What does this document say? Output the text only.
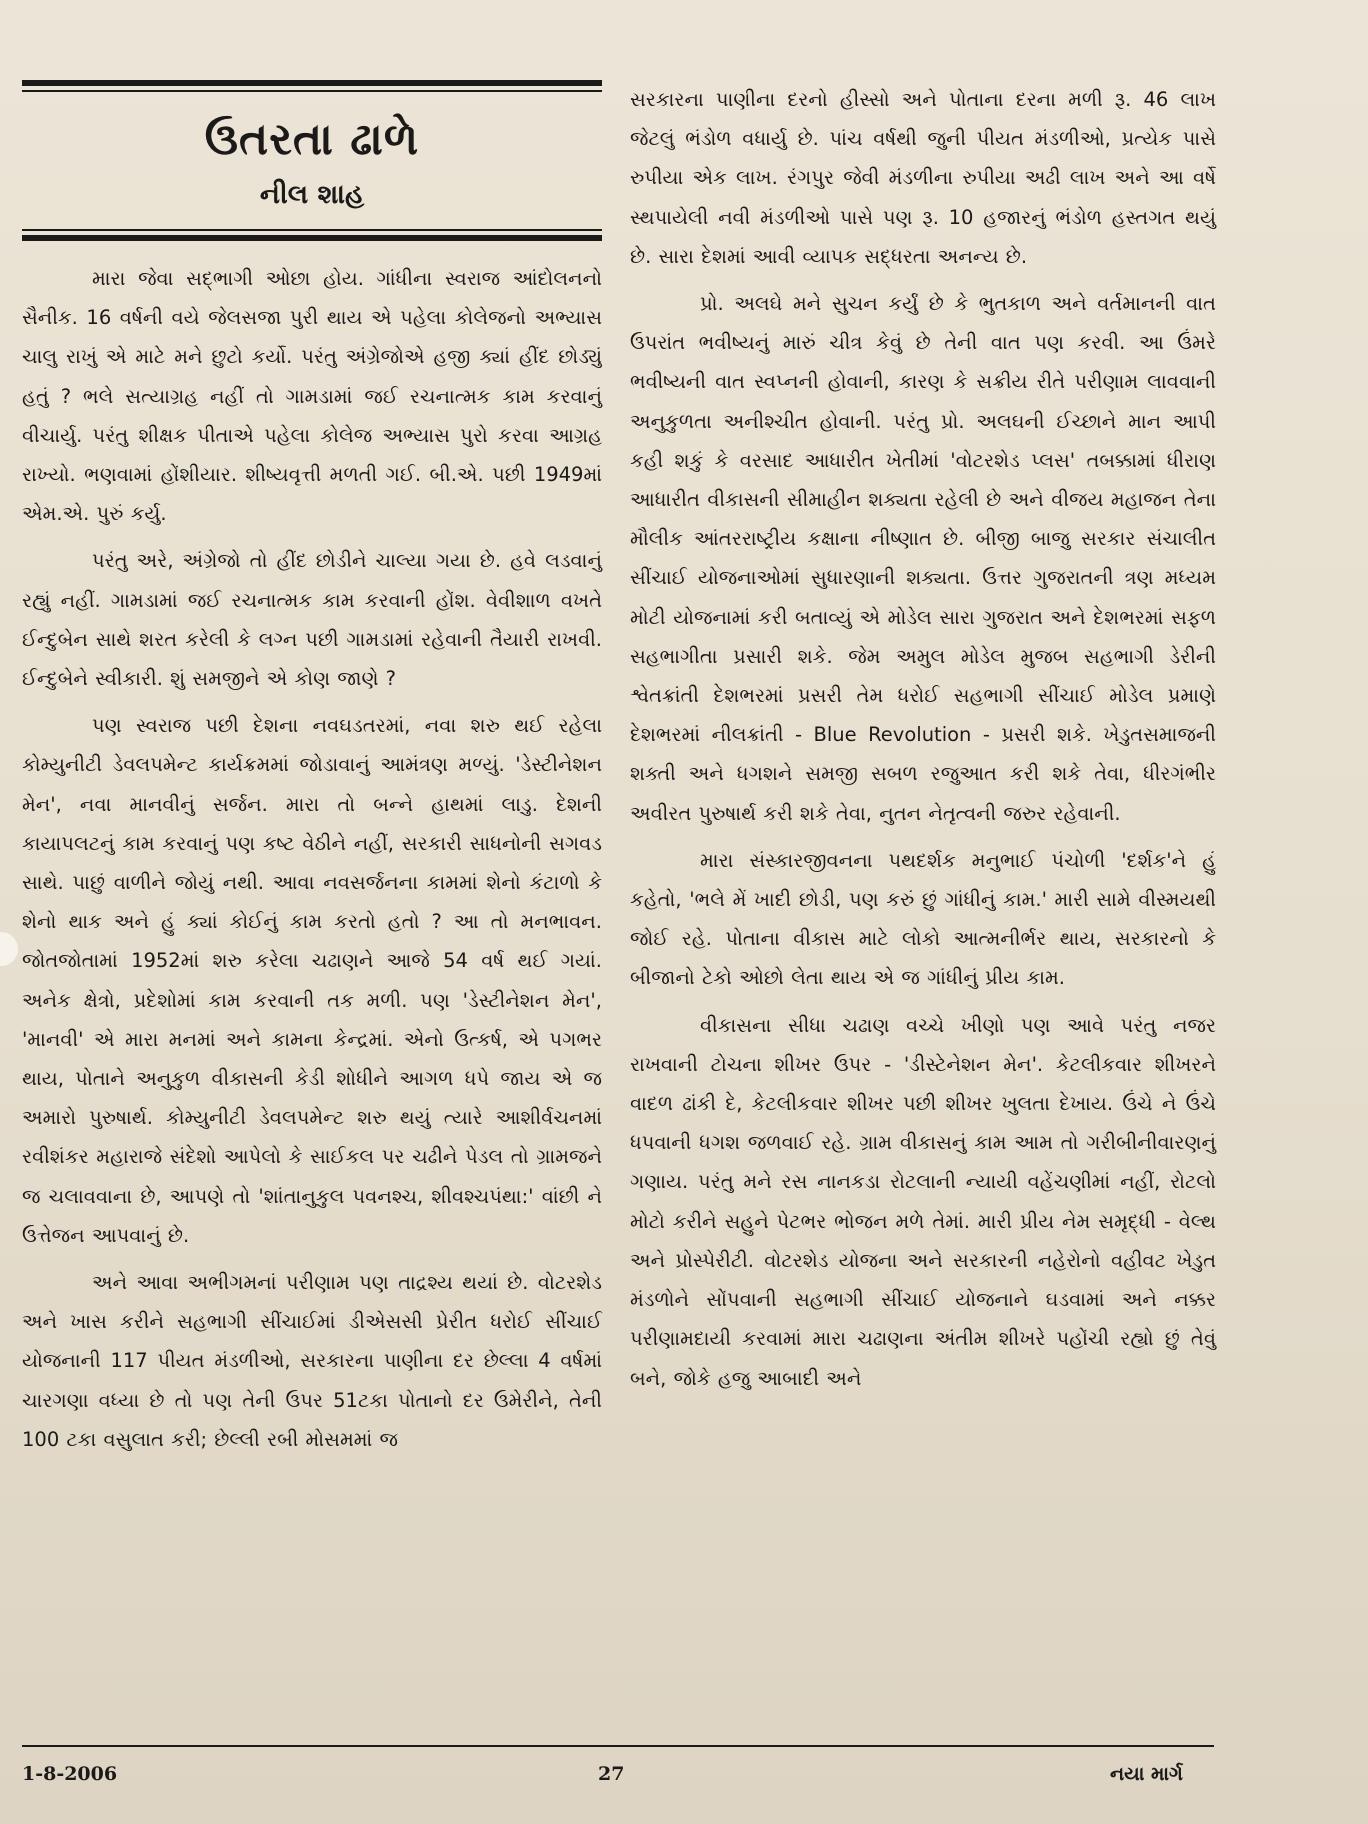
ઉતરતા ઢાળે
નીલ શાહ

મારા જેવા સદ્ભાગી ઓછા હોય. ગાંધીના સ્વરાજ આંદોલનનો સૈનીક. 16 વર્ષની વયે જેલસજા પુરી થાય એ પહેલા કોલેજનો અભ્યાસ ચાલુ રાખું એ માટે મને છુટો કર્યો. પરંતુ અંગ્રેજોએ હજી ક્યાં હીંદ છોડ્યું હતું ? ભલે સત્યાગ્રહ નહીં તો ગામડામાં જઈ રચનાત્મક કામ કરવાનું વીચાર્યુ. પરંતુ શીક્ષક પીતાએ પહેલા કોલેજ અભ્યાસ પુરો કરવા આગ્રહ રાખ્યો. ભણવામાં હોંશીયાર. શીષ્યવૃત્તી મળતી ગઈ. બી.એ. પછી 1949માં એમ.એ. પુરું કર્યુ.

પરંતુ અરે, અંગ્રેજો તો હીંદ છોડીને ચાલ્યા ગયા છે. હવે લડવાનું રહ્યું નહીં. ગામડામાં જઈ રચનાત્મક કામ કરવાની હોંશ. વેવીશાળ વખતે ઈન્દુબેન સાથે શરત કરેલી કે લગ્ન પછી ગામડામાં રહેવાની તૈયારી રાખવી. ઈન્દુબેને સ્વીકારી. શું સમજીને એ કોણ જાણે ?

પણ સ્વરાજ પછી દેશના નવઘડતરમાં, નવા શરુ થઈ રહેલા કોમ્યુનીટી ડેવલપમેન્ટ કાર્યક્રમમાં જોડાવાનું આમંત્રણ મળ્યું. 'ડેસ્ટીનેશન મેન', નવા માનવીનું સર્જન. મારા તો બન્ને હાથમાં લાડુ. દેશની કાયાપલટનું કામ કરવાનું પણ કષ્ટ વેઠીને નહીં, સરકારી સાધનોની સગવડ સાથે. પાછું વાળીને જોયું નથી. આવા નવસર્જનના કામમાં શેનો કંટાળો કે શેનો થાક અને હું ક્યાં કોઈનું કામ કરતો હતો ? આ તો મનભાવન. જોતજોતામાં 1952માં શરુ કરેલા ચઢાણને આજે 54 વર્ષ થઈ ગયાં. અનેક ક્ષેત્રો, પ્રદેશોમાં કામ કરવાની તક મળી. પણ 'ડેસ્ટીનેશન મેન', 'માનવી' એ મારા મનમાં અને કામના કેન્દ્રમાં. એનો ઉત્કર્ષ, એ પગભર થાય, પોતાને અનુકુળ વીકાસની કેડી શોધીને આગળ ધપે જાય એ જ અમારો પુરુષાર્થ. કોમ્યુનીટી ડેવલપમેન્ટ શરુ થયું ત્યારે આશીર્વચનમાં રવીશંકર મહારાજે સંદેશો આપેલો કે સાઈકલ પર ચઢીને પેડલ તો ગ્રામજને જ ચલાવવાના છે, આપણે તો 'શાંતાનુકુલ પવનશ્ચ, શીવશ્ચપંથા:' વાંછી ને ઉત્તેજન આપવાનું છે.

અને આવા અભીગમનાં પરીણામ પણ તાદ્રશ્ય થયાં છે. વોટરશેડ અને ખાસ કરીને સહભાગી સીંચાઈમાં ડીએસસી પ્રેરીત ધરોઈ સીંચાઈ યોજનાની 117 પીયત મંડળીઓ, સરકારના પાણીના દર છેલ્લા 4 વર્ષમાં ચારગણા વધ્યા છે તો પણ તેની ઉપર 51ટકા પોતાનો દર ઉમેરીને, તેની 100 ટકા વસુલાત કરી; છેલ્લી રબી મોસમમાં જ

સરકારના પાણીના દરનો હીસ્સો અને પોતાના દરના મળી રૂ. 46 લાખ જેટલું ભંડોળ વધાર્યુ છે. પાંચ વર્ષથી જુની પીયત મંડળીઓ, પ્રત્યેક પાસે રુપીયા એક લાખ. રંગપુર જેવી મંડળીના રુપીયા અઢી લાખ અને આ વર્ષે સ્થપાયેલી નવી મંડળીઓ પાસે પણ રૂ. 10 હજારનું ભંડોળ હસ્તગત થયું છે. સારા દેશમાં આવી વ્યાપક સદ્ધરતા અનન્ય છે.

પ્રો. અલઘે મને સુચન કર્યું છે કે ભુતકાળ અને વર્તમાનની વાત ઉપરાંત ભવીષ્યનું મારું ચીત્ર કેવું છે તેની વાત પણ કરવી. આ ઉંમરે ભવીષ્યની વાત સ્વપ્નની હોવાની, કારણ કે સક્રીય રીતે પરીણામ લાવવાની અનુકુળતા અનીશ્ચીત હોવાની. પરંતુ પ્રો. અલઘની ઈચ્છાને માન આપી કહી શકું કે વરસાદ આધારીત ખેતીમાં 'વોટરશેડ પ્લસ' તબક્કામાં ધીરાણ આધારીત વીકાસની સીમાહીન શક્યતા રહેલી છે અને વીજય મહાજન તેના મૌલીક આંતરરાષ્ટ્રીય કક્ષાના નીષ્ણાત છે. બીજી બાજુ સરકાર સંચાલીત સીંચાઈ યોજનાઓમાં સુધારણાની શક્યતા. ઉત્તર ગુજરાતની ત્રણ મધ્યમ મોટી યોજનામાં કરી બતાવ્યું એ મોડેલ સારા ગુજરાત અને દેશભરમાં સફળ સહભાગીતા પ્રસારી શકે. જેમ અમુલ મોડેલ મુજબ સહભાગી ડેરીની શ્વેતક્રાંતી દેશભરમાં પ્રસરી તેમ ધરોઈ સહભાગી સીંચાઈ મોડેલ પ્રમાણે દેશભરમાં નીલક્રાંતી - Blue Revolution - પ્રસરી શકે. ખેડુતસમાજની શક્તી અને ધગશને સમજી સબળ રજુઆત કરી શકે તેવા, ધીરગંભીર અવીરત પુરુષાર્થ કરી શકે તેવા, નુતન નેતૃત્વની જરુર રહેવાની.

મારા સંસ્કારજીવનના પથદર્શક મનુભાઈ પંચોળી 'દર્શક'ને હું કહેતો, 'ભલે મેં ખાદી છોડી, પણ કરું છું ગાંધીનું કામ.' મારી સામે વીસ્મયથી જોઈ રહે. પોતાના વીકાસ માટે લોકો આત્મનીર્ભર થાય, સરકારનો કે બીજાનો ટેકો ઓછો લેતા થાય એ જ ગાંધીનું પ્રીય કામ.

વીકાસના સીધા ચઢાણ વચ્ચે ખીણો પણ આવે પરંતુ નજર રાખવાની ટોચના શીખર ઉપર - 'ડીસ્ટેનેશન મેન'. કેટલીકવાર શીખરને વાદળ ઢાંકી દે, કેટલીકવાર શીખર પછી શીખર ખુલતા દેખાય. ઉંચે ને ઉંચે ધપવાની ધગશ જળવાઈ રહે. ગ્રામ વીકાસનું કામ આમ તો ગરીબીનીવારણનું ગણાય. પરંતુ મને રસ નાનકડા રોટલાની ન્યાયી વહેંચણીમાં નહીં, રોટલો મોટો કરીને સહુને પેટભર ભોજન મળે તેમાં. મારી પ્રીય નેમ સમૃદ્ધી - વેલ્થ અને પ્રોસ્પેરીટી. વોટરશેડ યોજના અને સરકારની નહેરોનો વહીવટ ખેડુત મંડળોને સોંપવાની સહભાગી સીંચાઈ યોજનાને ઘડવામાં અને નક્કર પરીણામદાયી કરવામાં મારા ચઢાણના અંતીમ શીખરે પહોંચી રહ્યો છું તેવું બને, જોકે હજુ આબાદી અને

1-8-2006	27	નયા માર્ગ
